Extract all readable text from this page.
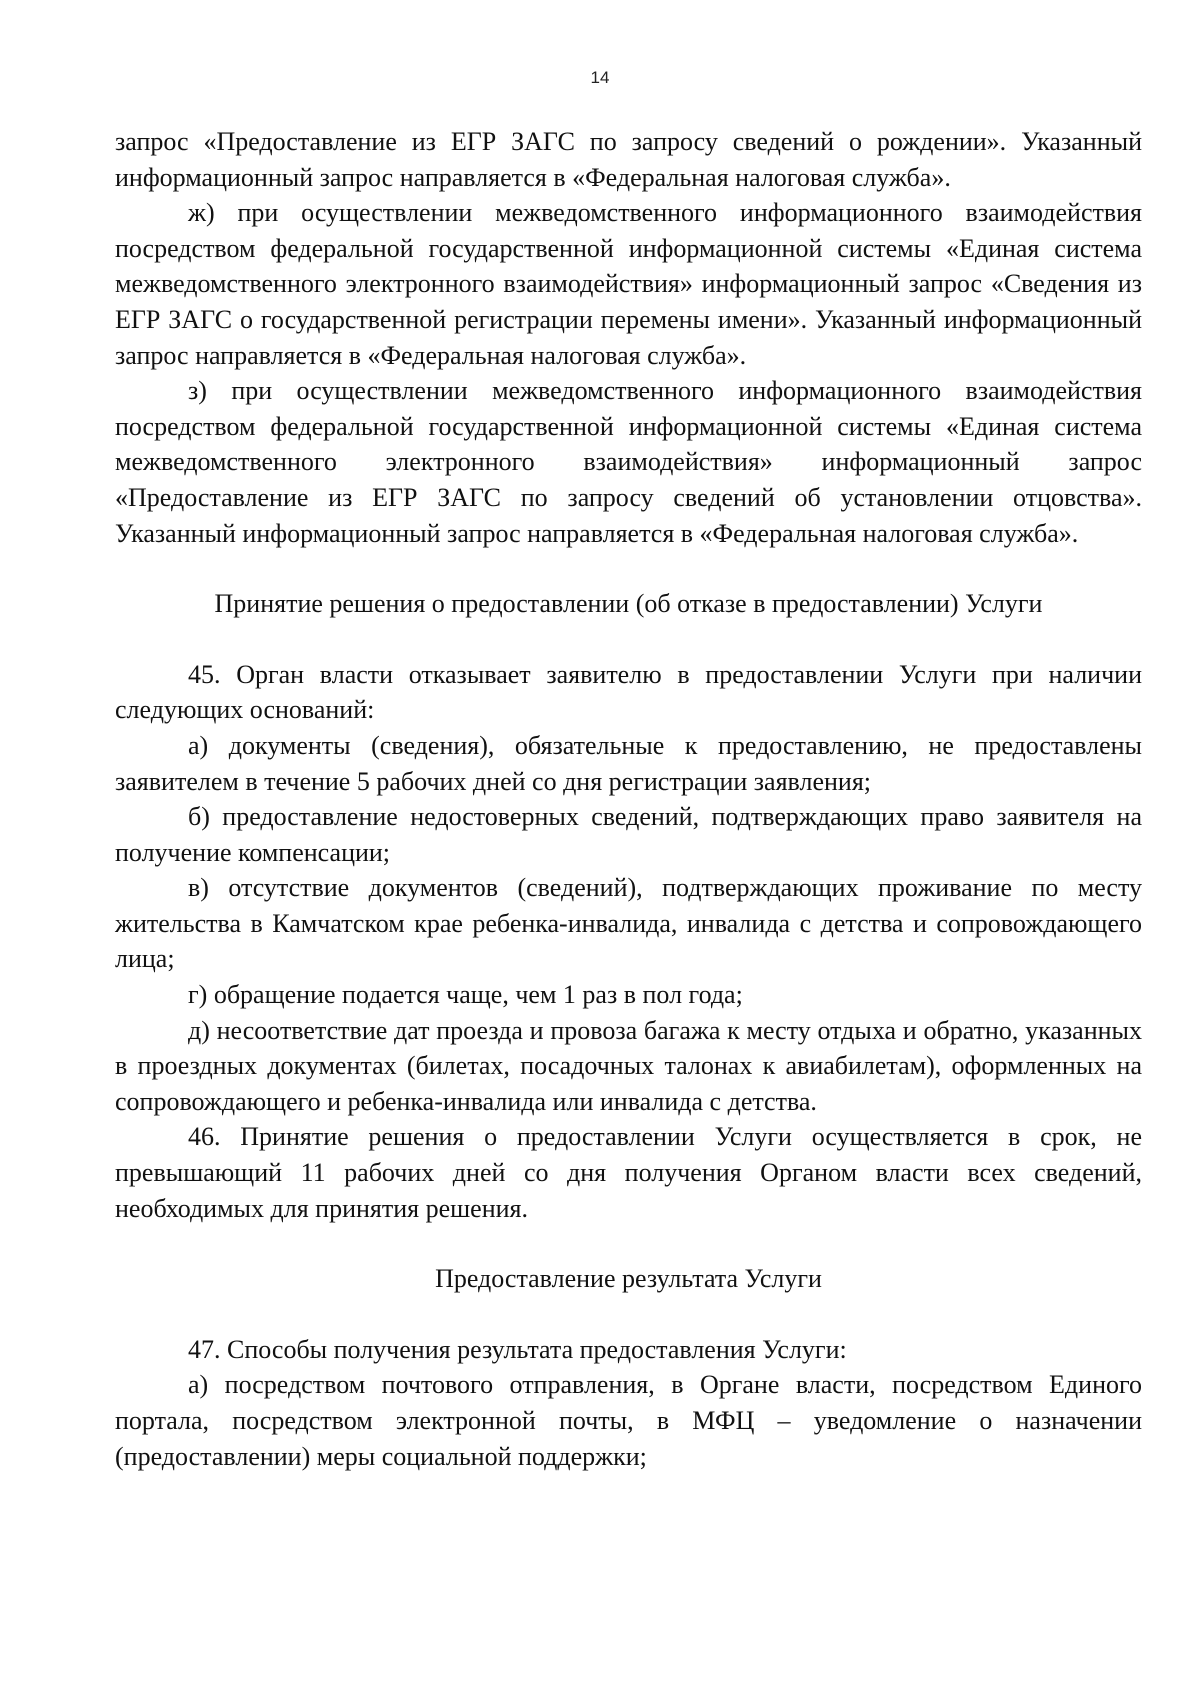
14

запрос «Предоставление из ЕГР ЗАГС по запросу сведений о рождении». Указанный информационный запрос направляется в «Федеральная налоговая служба».

ж) при осуществлении межведомственного информационного взаимодействия посредством федеральной государственной информационной системы «Единая система межведомственного электронного взаимодействия» информационный запрос «Сведения из ЕГР ЗАГС о государственной регистрации перемены имени». Указанный информационный запрос направляется в «Федеральная налоговая служба».

з) при осуществлении межведомственного информационного взаимодействия посредством федеральной государственной информационной системы «Единая система межведомственного электронного взаимодействия» информационный запрос «Предоставление из ЕГР ЗАГС по запросу сведений об установлении отцовства». Указанный информационный запрос направляется в «Федеральная налоговая служба».

Принятие решения о предоставлении (об отказе в предоставлении) Услуги

45. Орган власти отказывает заявителю в предоставлении Услуги при наличии следующих оснований:

а) документы (сведения), обязательные к предоставлению, не предоставлены заявителем в течение 5 рабочих дней со дня регистрации заявления;

б) предоставление недостоверных сведений, подтверждающих право заявителя на получение компенсации;

в) отсутствие документов (сведений), подтверждающих проживание по месту жительства в Камчатском крае ребенка-инвалида, инвалида с детства и сопровождающего лица;

г) обращение подается чаще, чем 1 раз в пол года;

д) несоответствие дат проезда и провоза багажа к месту отдыха и обратно, указанных в проездных документах (билетах, посадочных талонах к авиабилетам), оформленных на сопровождающего и ребенка-инвалида или инвалида с детства.

46. Принятие решения о предоставлении Услуги осуществляется в срок, не превышающий 11 рабочих дней со дня получения Органом власти всех сведений, необходимых для принятия решения.

Предоставление результата Услуги

47. Способы получения результата предоставления Услуги:

а) посредством почтового отправления, в Органе власти, посредством Единого портала, посредством электронной почты, в МФЦ – уведомление о назначении (предоставлении) меры социальной поддержки;
